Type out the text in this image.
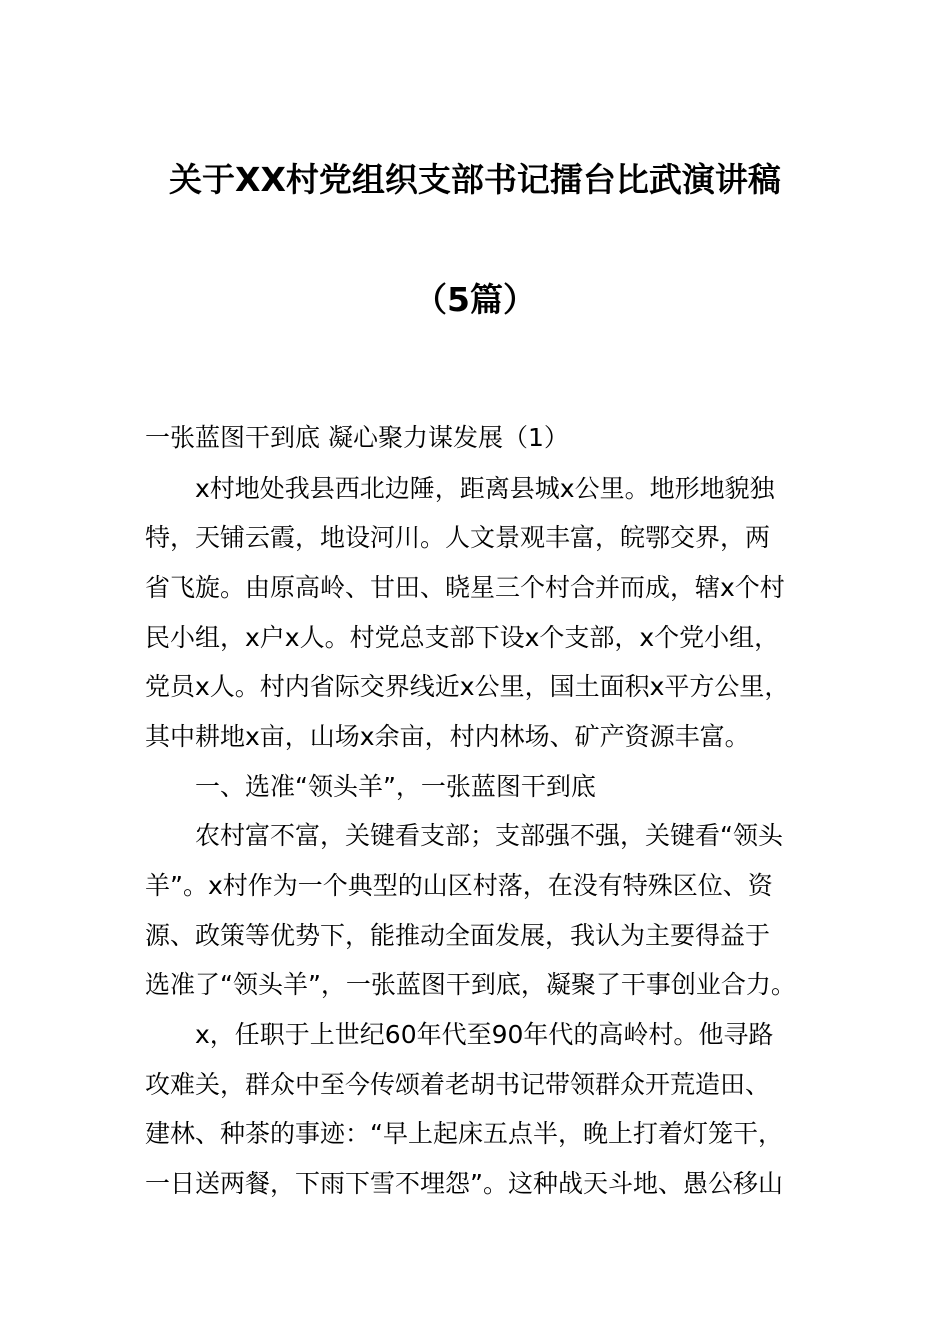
关于XX村党组织支部书记擂台比武演讲稿
（5篇）

一张蓝图干到底 凝心聚力谋发展（1）

x村地处我县西北边陲，距离县城x公里。地形地貌独

特，天铺云霞，地设河川。人文景观丰富，皖鄂交界，两

省飞旋。由原高岭、甘田、晓星三个村合并而成，辖x个村

民小组，x户x人。村党总支部下设x个支部，x个党小组，

党员x人。村内省际交界线近x公里，国土面积x平方公里，

其中耕地x亩，山场x余亩，村内林场、矿产资源丰富。

一、选准“领头羊”，一张蓝图干到底

农村富不富，关键看支部；支部强不强，关键看“领头

羊”。x村作为一个典型的山区村落，在没有特殊区位、资

源、政策等优势下，能推动全面发展，我认为主要得益于

选准了“领头羊”，一张蓝图干到底，凝聚了干事创业合力。

x，任职于上世纪60年代至90年代的高岭村。他寻路

攻难关，群众中至今传颂着老胡书记带领群众开荒造田、

建林、种茶的事迹：“早上起床五点半，晚上打着灯笼干，

一日送两餐，下雨下雪不埋怨”。这种战天斗地、愚公移山
